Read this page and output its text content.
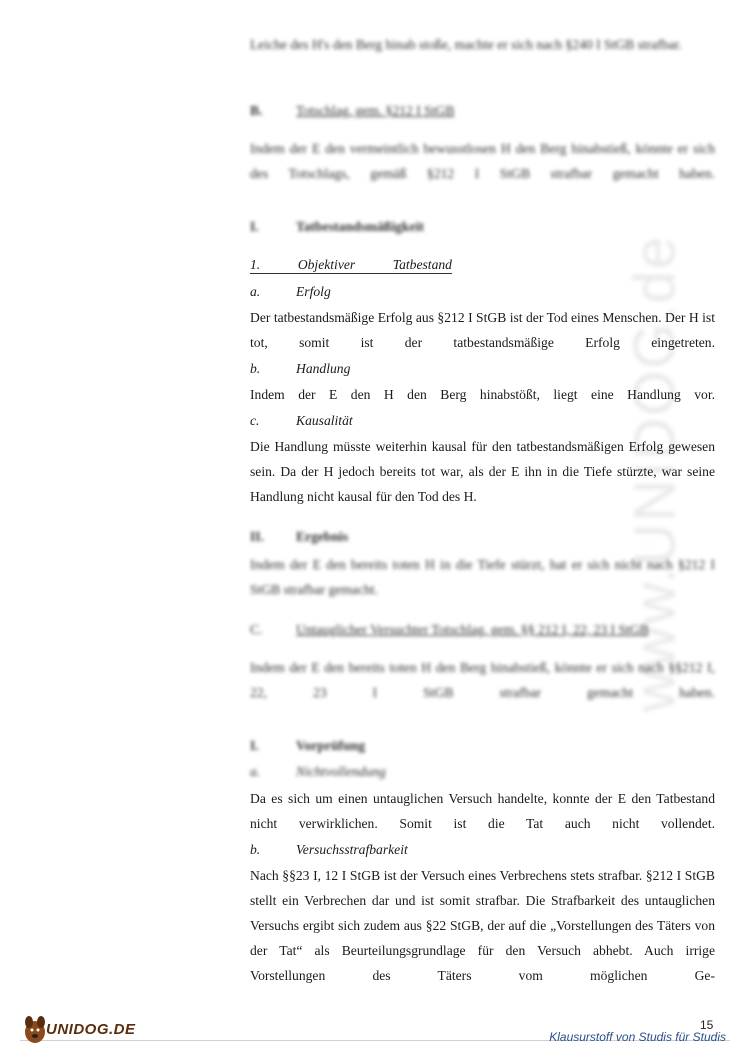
www.UNIDOG.de
Leiche des H's den Berg hinab stoße, machte er sich nach §240 I StGB strafbar.
B. Totschlag, gem. §212 I StGB
Indem der E den vermeintlich bewusstlosen H den Berg hinabstieß, könnte er sich des Totschlags, gemäß §212 I StGB strafbar gemacht haben.
I.	Tatbestandsmäßigkeit
1.	Objektiver	Tatbestand
a.	Erfolg
Der tatbestandsmäßige Erfolg aus §212 I StGB ist der Tod eines Menschen. Der H ist tot, somit ist der tatbestandsmäßige Erfolg eingetreten.
b.	Handlung
Indem der E den H den Berg hinabstößt, liegt eine Handlung vor.
c.	Kausalität
Die Handlung müsste weiterhin kausal für den tatbestandsmäßigen Erfolg gewesen sein. Da der H jedoch bereits tot war, als der E ihn in die Tiefe stürzte, war seine Handlung nicht kausal für den Tod des H.
II. Ergebnis
Indem der E den bereits toten H in die Tiefe stürzt, hat er sich nicht nach §212 I StGB strafbar gemacht.
C. Untauglicher Versuchter Totschlag, gem. §§ 212 I, 22, 23 I StGB
Indem der E den bereits toten H den Berg hinabstieß, könnte er sich nach §§212 I, 22, 23 I StGB strafbar gemacht haben.
I.	Vorprüfung
a.	Nichtvollendung
Da es sich um einen untauglichen Versuch handelte, konnte der E den Tatbestand nicht verwirklichen. Somit ist die Tat auch nicht vollendet.
b.	Versuchsstrafbarkeit
Nach §§23 I, 12 I StGB ist der Versuch eines Verbrechens stets strafbar. §212 I StGB stellt ein Verbrechen dar und ist somit strafbar. Die Strafbarkeit des untauglichen Versuchs ergibt sich zudem aus §22 StGB, der auf die „Vorstellungen des Täters von der Tat“ als Beurteilungsgrundlage für den Versuch abhebt. Auch irrige Vorstellungen des Täters vom möglichen Ge-
15
UNIDOG.DE	Klausurstoff von Studis für Studis
